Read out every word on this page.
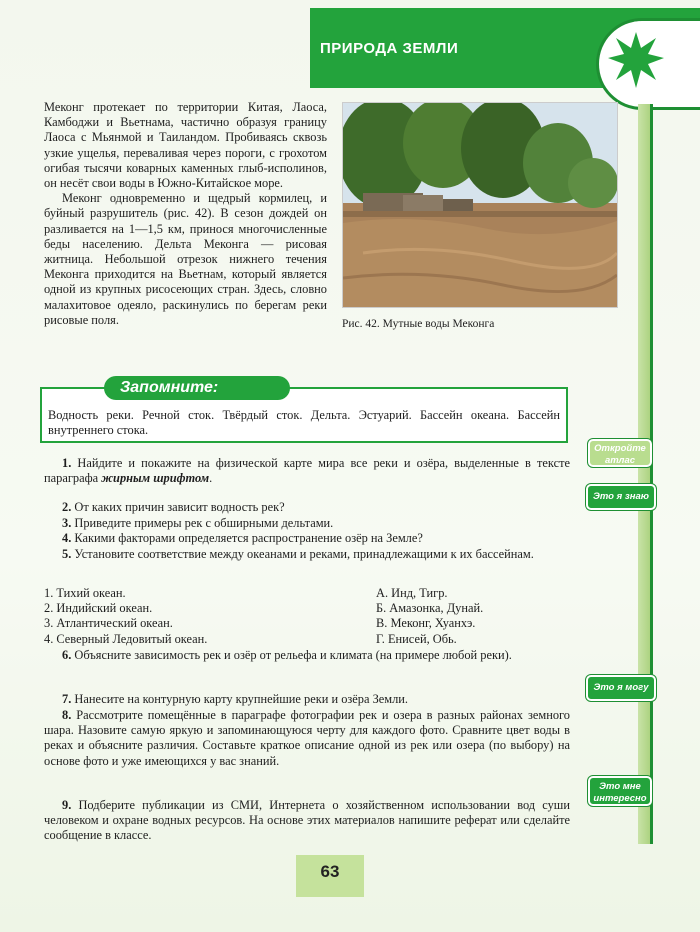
ПРИРОДА ЗЕМЛИ

Меконг протекает по территории Китая, Лаоса, Камбоджи и Вьетнама, частично образуя границу Лаоса с Мьянмой и Таиландом. Пробиваясь сквозь узкие ущелья, переваливая через пороги, с грохотом огибая тысячи коварных каменных глыб-исполинов, он несёт свои воды в Южно-Китайское море.

Меконг одновременно и щедрый кормилец, и буйный разрушитель (рис. 42). В сезон дождей он разливается на 1—1,5 км, принося многочисленные беды населению. Дельта Меконга — рисовая житница. Небольшой отрезок нижнего течения Меконга приходится на Вьетнам, который является одной из крупных рисосеющих стран. Здесь, словно малахитовое одеяло, раскинулись по берегам реки рисовые поля.	Рис. 42. Мутные воды Меконга
Запомните:
Водность реки. Речной сток. Твёрдый сток. Дельта. Эстуарий. Бассейн океана. Бассейн внутреннего стока.

1. Найдите и покажите на физической карте мира все реки и озёра, выделенные в тексте параграфа жирным шрифтом.

2. От каких причин зависит водность рек?

3. Приведите примеры рек с обширными дельтами.

4. Какими факторами определяется распространение озёр на Земле?

5. Установите соответствие между океанами и реками, принадлежащими к их бассейнам.

1. Тихий океан.

2. Индийский океан.

3. Атлантический океан.

4. Северный Ледовитый океан.

А. Инд, Тигр.

Б. Амазонка, Дунай.

В. Меконг, Хуанхэ.

Г. Енисей, Обь.

6. Объясните зависимость рек и озёр от рельефа и климата (на примере любой реки).

7. Нанесите на контурную карту крупнейшие реки и озёра Земли.

8. Рассмотрите помещённые в параграфе фотографии рек и озера в разных районах земного шара. Назовите самую яркую и запоминающуюся черту для каждого фото. Сравните цвет воды в реках и объясните различия. Составьте краткое описание одной из рек или озера (по выбору) на основе фото и уже имеющихся у вас знаний.

9. Подберите публикации из СМИ, Интернета о хозяйственном использовании вод суши человеком и охране водных ресурсов. На основе этих материалов напишите реферат или сделайте сообщение в классе.

Откройте атлас
Это я знаю
Это я могу
Это мне интересно
63
